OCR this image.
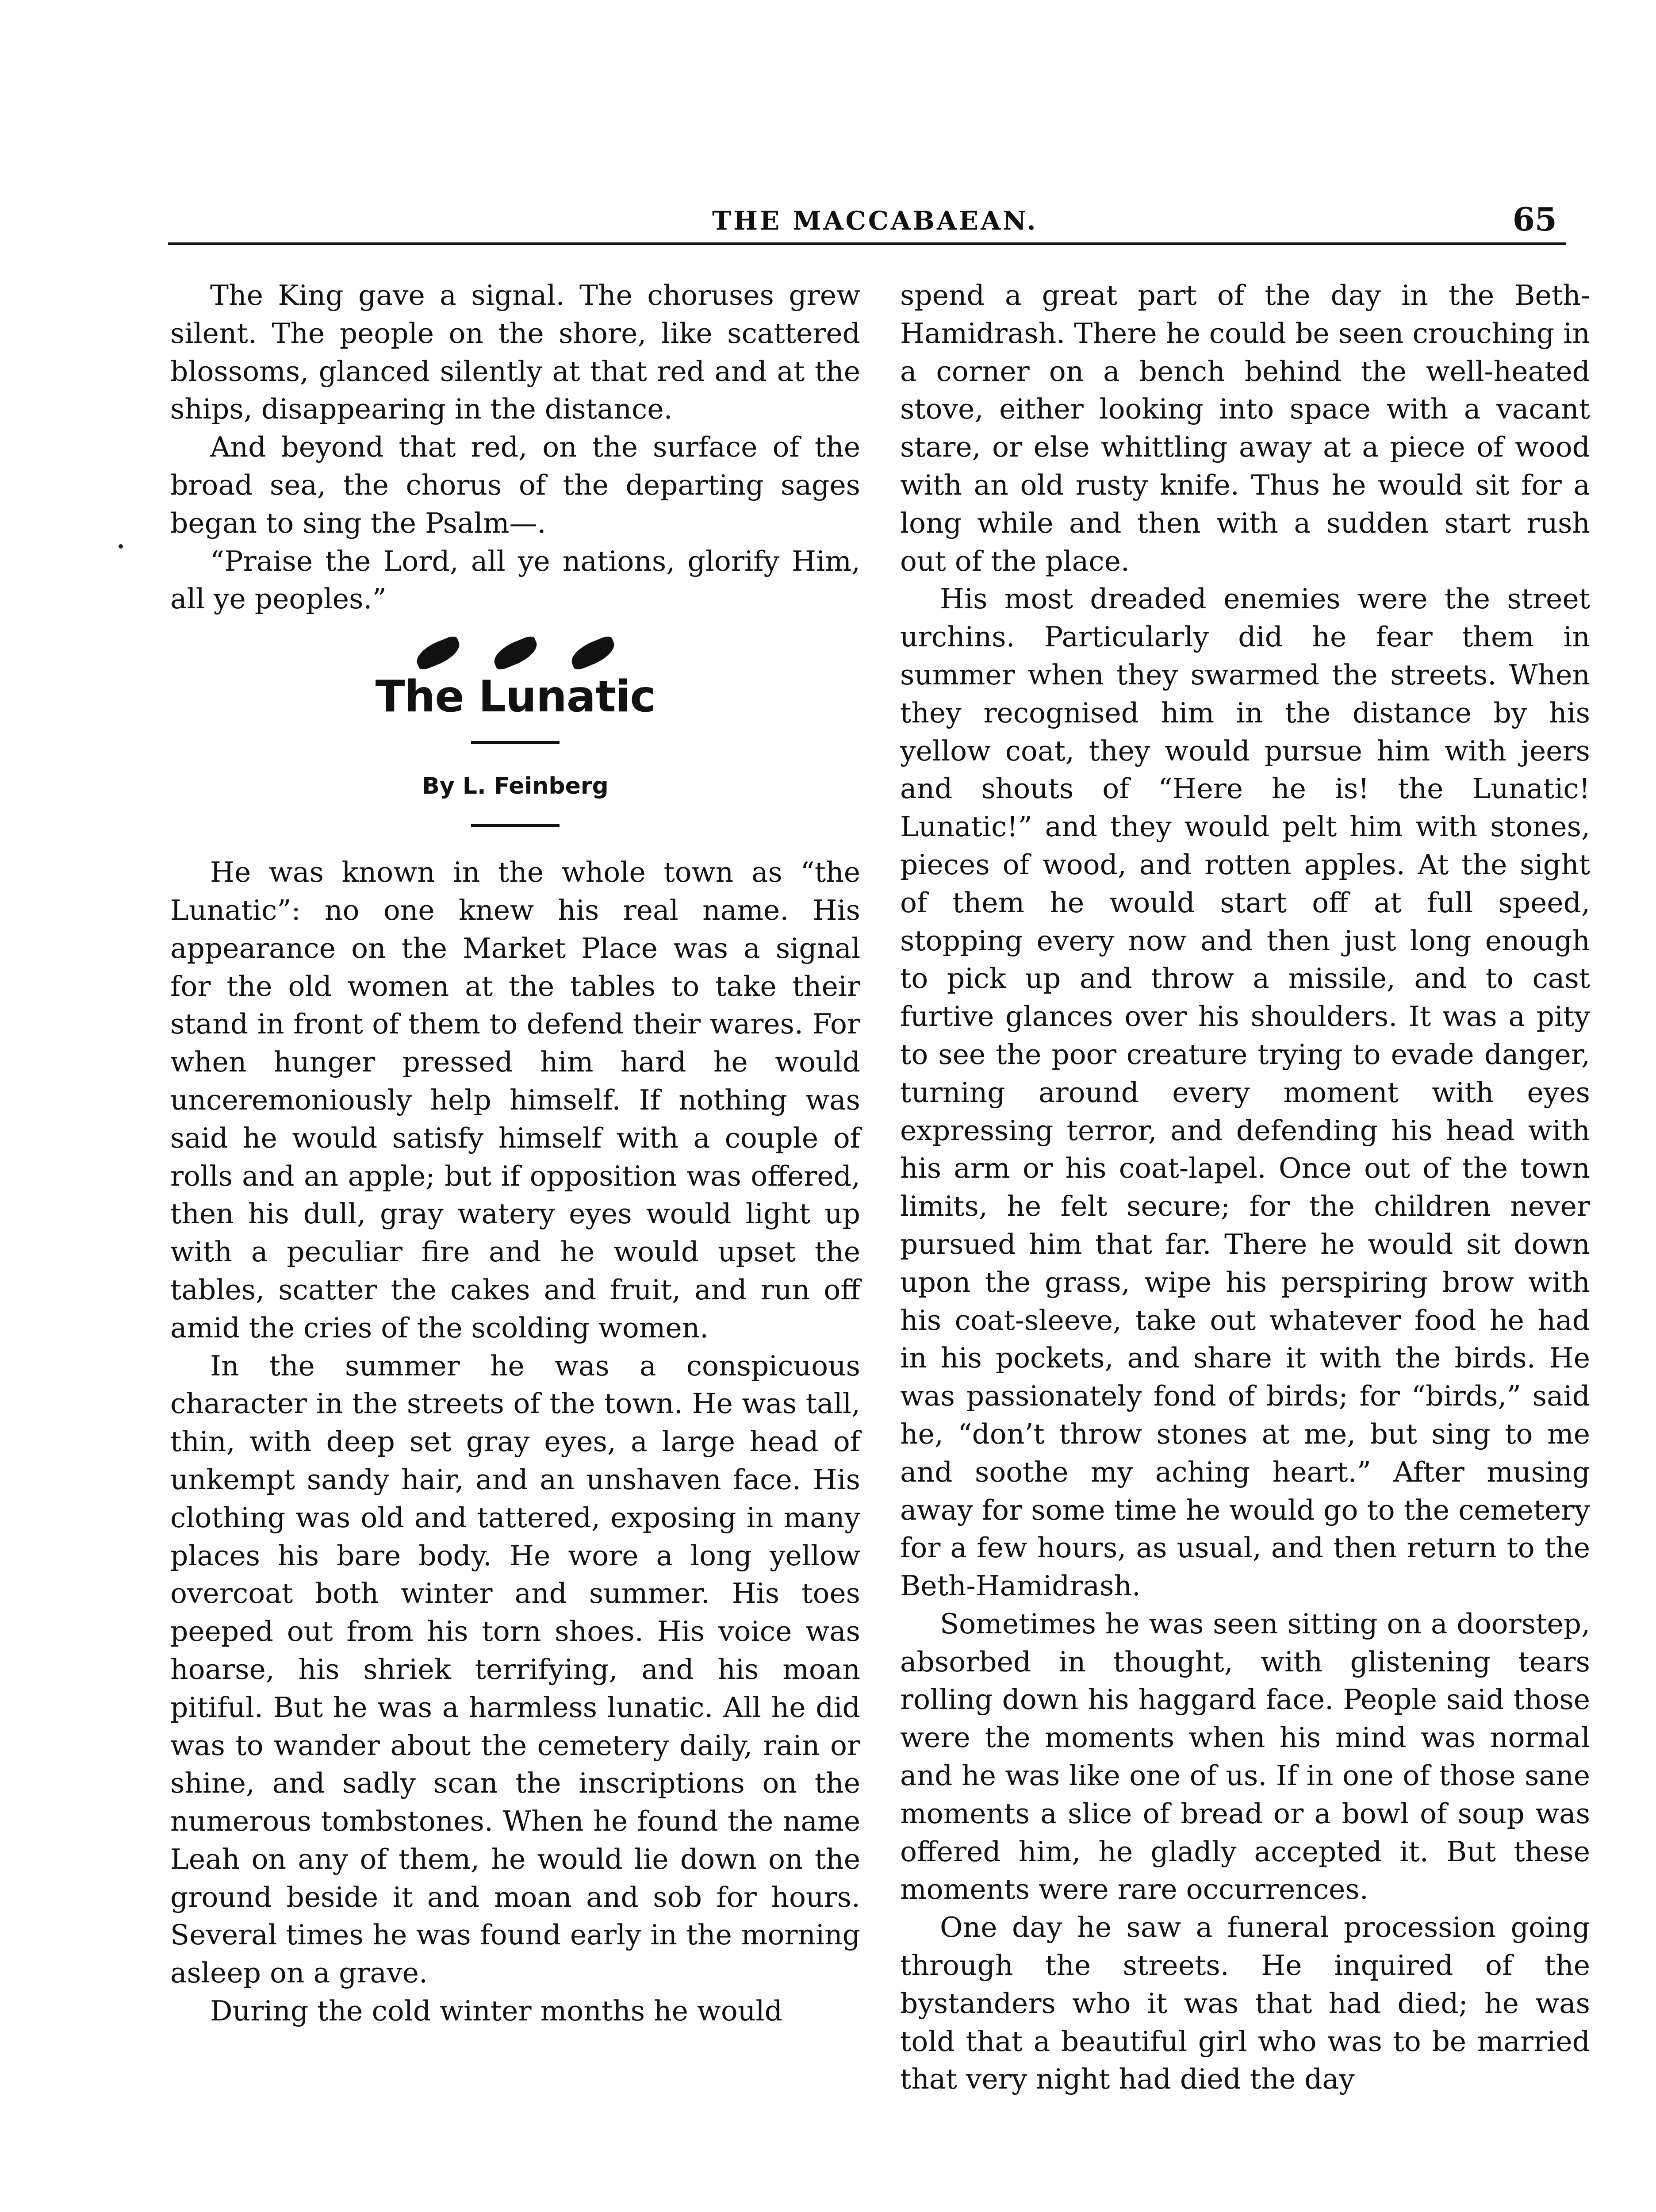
THE MACCABAEAN.	65

The King gave a signal. The choruses grew silent. The people on the shore, like scattered blossoms, glanced silently at that red and at the ships, disappearing in the distance.

And beyond that red, on the surface of the broad sea, the chorus of the departing sages began to sing the Psalm—.

“Praise the Lord, all ye nations, glorify Him, all ye peoples.”

The Lunatic
By L. Feinberg

He was known in the whole town as “the Lunatic”: no one knew his real name. His appearance on the Market Place was a signal for the old women at the tables to take their stand in front of them to defend their wares. For when hunger pressed him hard he would unceremoniously help himself. If nothing was said he would satisfy himself with a couple of rolls and an apple; but if opposition was offered, then his dull, gray watery eyes would light up with a peculiar fire and he would upset the tables, scatter the cakes and fruit, and run off amid the cries of the scolding women.

In the summer he was a conspicuous character in the streets of the town. He was tall, thin, with deep set gray eyes, a large head of unkempt sandy hair, and an unshaven face. His clothing was old and tattered, exposing in many places his bare body. He wore a long yellow overcoat both winter and summer. His toes peeped out from his torn shoes. His voice was hoarse, his shriek terrifying, and his moan pitiful. But he was a harmless lunatic. All he did was to wander about the cemetery daily, rain or shine, and sadly scan the inscriptions on the numerous tombstones. When he found the name Leah on any of them, he would lie down on the ground beside it and moan and sob for hours. Several times he was found early in the morning asleep on a grave.

During the cold winter months he would

spend a great part of the day in the Beth-Hamidrash. There he could be seen crouching in a corner on a bench behind the well-heated stove, either looking into space with a vacant stare, or else whittling away at a piece of wood with an old rusty knife. Thus he would sit for a long while and then with a sudden start rush out of the place.

His most dreaded enemies were the street urchins. Particularly did he fear them in summer when they swarmed the streets. When they recognised him in the distance by his yellow coat, they would pursue him with jeers and shouts of “Here he is! the Lunatic! Lunatic!” and they would pelt him with stones, pieces of wood, and rotten apples. At the sight of them he would start off at full speed, stopping every now and then just long enough to pick up and throw a missile, and to cast furtive glances over his shoulders. It was a pity to see the poor creature trying to evade danger, turning around every moment with eyes expressing terror, and defending his head with his arm or his coat-lapel. Once out of the town limits, he felt secure; for the children never pursued him that far. There he would sit down upon the grass, wipe his perspiring brow with his coat-sleeve, take out whatever food he had in his pockets, and share it with the birds. He was passionately fond of birds; for “birds,” said he, “don’t throw stones at me, but sing to me and soothe my aching heart.” After musing away for some time he would go to the cemetery for a few hours, as usual, and then return to the Beth-Hamidrash.

Sometimes he was seen sitting on a doorstep, absorbed in thought, with glistening tears rolling down his haggard face. People said those were the moments when his mind was normal and he was like one of us. If in one of those sane moments a slice of bread or a bowl of soup was offered him, he gladly accepted it. But these moments were rare occurrences.

One day he saw a funeral procession going through the streets. He inquired of the bystanders who it was that had died; he was told that a beautiful girl who was to be married that very night had died the day
